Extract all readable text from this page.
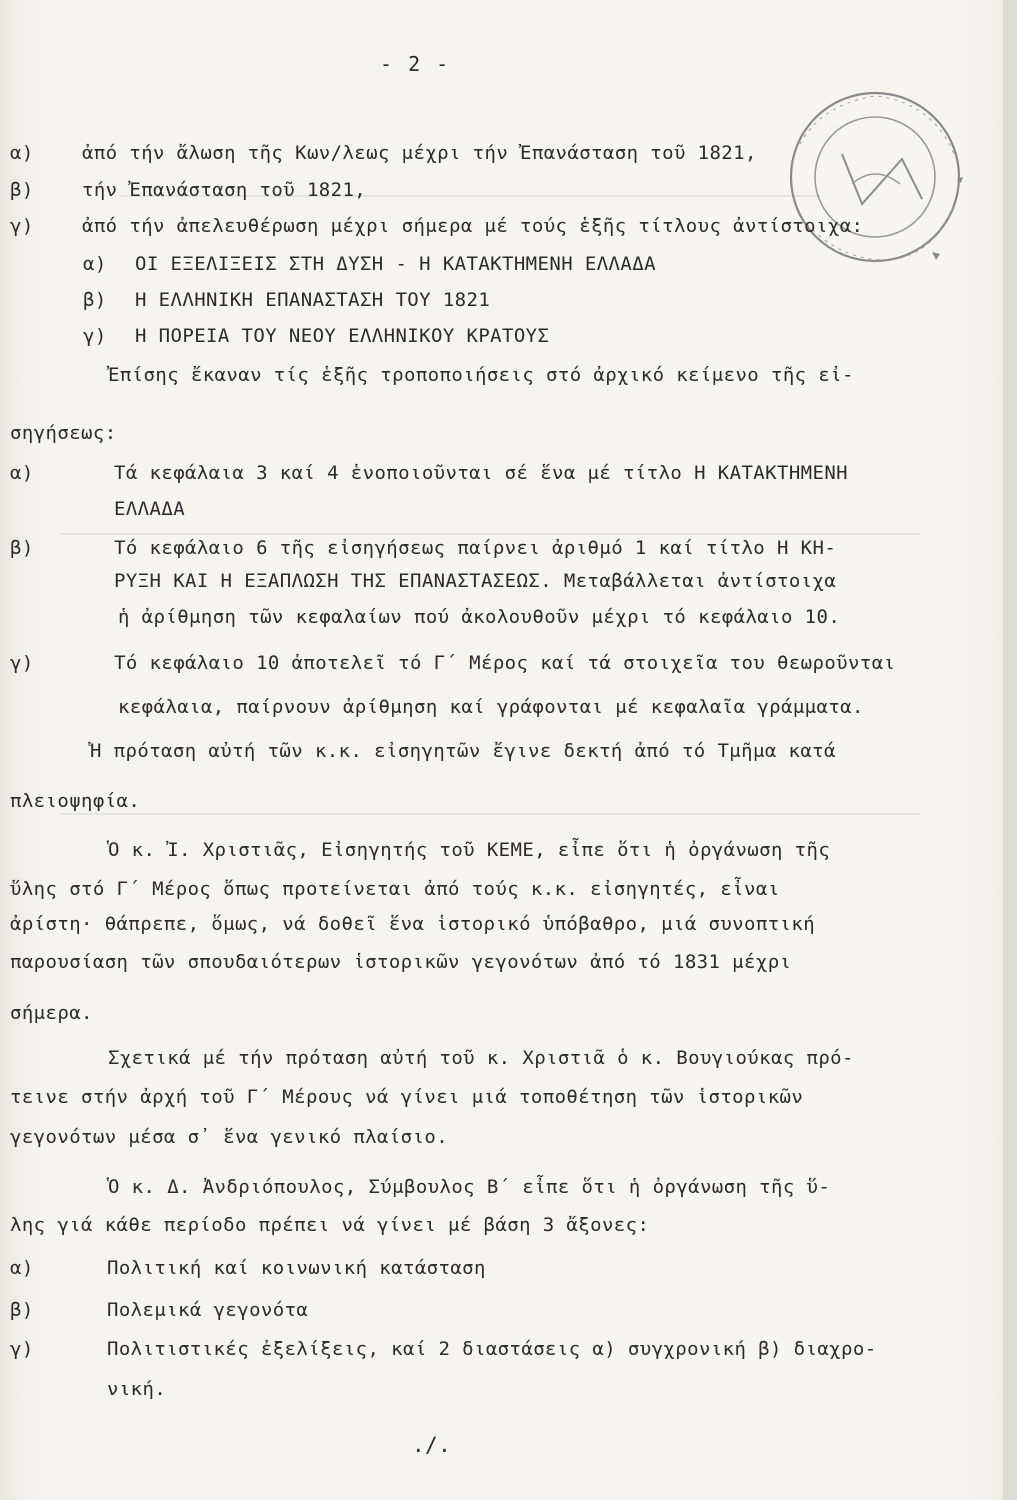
- 2 -
α)	ἀπό τήν ἄλωση τῆς Κων/λεως μέχρι τήν Ἐπανάσταση τοῦ 1821,
β)	τήν Ἐπανάσταση τοῦ 1821,
γ)	ἀπό τήν ἀπελευθέρωση μέχρι σήμερα μέ τούς ἑξῆς τίτλους ἀντίστοιχα:
α) ΟΙ ΕΞΕΛΙΞΕΙΣ ΣΤΗ ΔΥΣΗ - Η ΚΑΤΑΚΤΗΜΕΝΗ ΕΛΛΑΔΑ
β) Η ΕΛΛΗΝΙΚΗ ΕΠΑΝΑΣΤΑΣΗ ΤΟΥ 1821
γ) Η ΠΟΡΕΙΑ ΤΟΥ ΝΕΟΥ ΕΛΛΗΝΙΚΟΥ ΚΡΑΤΟΥΣ
Ἐπίσης ἔκαναν τίς ἑξῆς τροποποιήσεις στό ἀρχικό κείμενο τῆς εἰ-
σηγήσεως:
α)	Τά κεφάλαια 3 καί 4 ἑνοποιοῦνται σέ ἕνα μέ τίτλο Η ΚΑΤΑΚΤΗΜΕΝΗ
ΕΛΛΑΔΑ
β)	Τό κεφάλαιο 6 τῆς εἰσηγήσεως παίρνει ἀριθμό 1 καί τίτλο Η ΚΗ-
ΡΥΞΗ ΚΑΙ Η ΕΞΑΠΛΩΣΗ ΤΗΣ ΕΠΑΝΑΣΤΑΣΕΩΣ. Μεταβάλλεται ἀντίστοιχα
ἡ ἀρίθμηση τῶν κεφαλαίων πού ἀκολουθοῦν μέχρι τό κεφάλαιο 10.
γ)	Τό κεφάλαιο 10 ἀποτελεῖ τό Γ΄ Μέρος καί τά στοιχεῖα του θεωροῦνται
κεφάλαια, παίρνουν ἀρίθμηση καί γράφονται μέ κεφαλαῖα γράμματα.
Ἡ πρόταση αὐτή τῶν κ.κ. εἰσηγητῶν ἔγινε δεκτή ἀπό τό Τμῆμα κατά
πλειοψηφία.
Ὁ κ. Ἰ. Χριστιᾶς, Εἰσηγητής τοῦ ΚΕΜΕ, εἶπε ὅτι ἡ ὀργάνωση τῆς
ὕλης στό Γ΄ Μέρος ὅπως προτείνεται ἀπό τούς κ.κ. εἰσηγητές, εἶναι
ἀρίστη· θάπρεπε, ὅμως, νά δοθεῖ ἕνα ἱστορικό ὑπόβαθρο, μιά συνοπτική
παρουσίαση τῶν σπουδαιότερων ἱστορικῶν γεγονότων ἀπό τό 1831 μέχρι
σήμερα.
Σχετικά μέ τήν πρόταση αὐτή τοῦ κ. Χριστιᾶ ὁ κ. Βουγιούκας πρό-
τεινε στήν ἀρχή τοῦ Γ΄ Μέρους νά γίνει μιά τοποθέτηση τῶν ἱστορικῶν
γεγονότων μέσα σ᾽ ἕνα γενικό πλαίσιο.
Ὁ κ. Δ. Ἀνδριόπουλος, Σύμβουλος Β΄ εἶπε ὅτι ἡ ὀργάνωση τῆς ὕ-
λης γιά κάθε περίοδο πρέπει νά γίνει μέ βάση 3 ἄξονες:
α)	Πολιτική καί κοινωνική κατάσταση
β)	Πολεμικά γεγονότα
γ)	Πολιτιστικές ἐξελίξεις, καί 2 διαστάσεις α) συγχρονική β) διαχρο-
νική.
./.
